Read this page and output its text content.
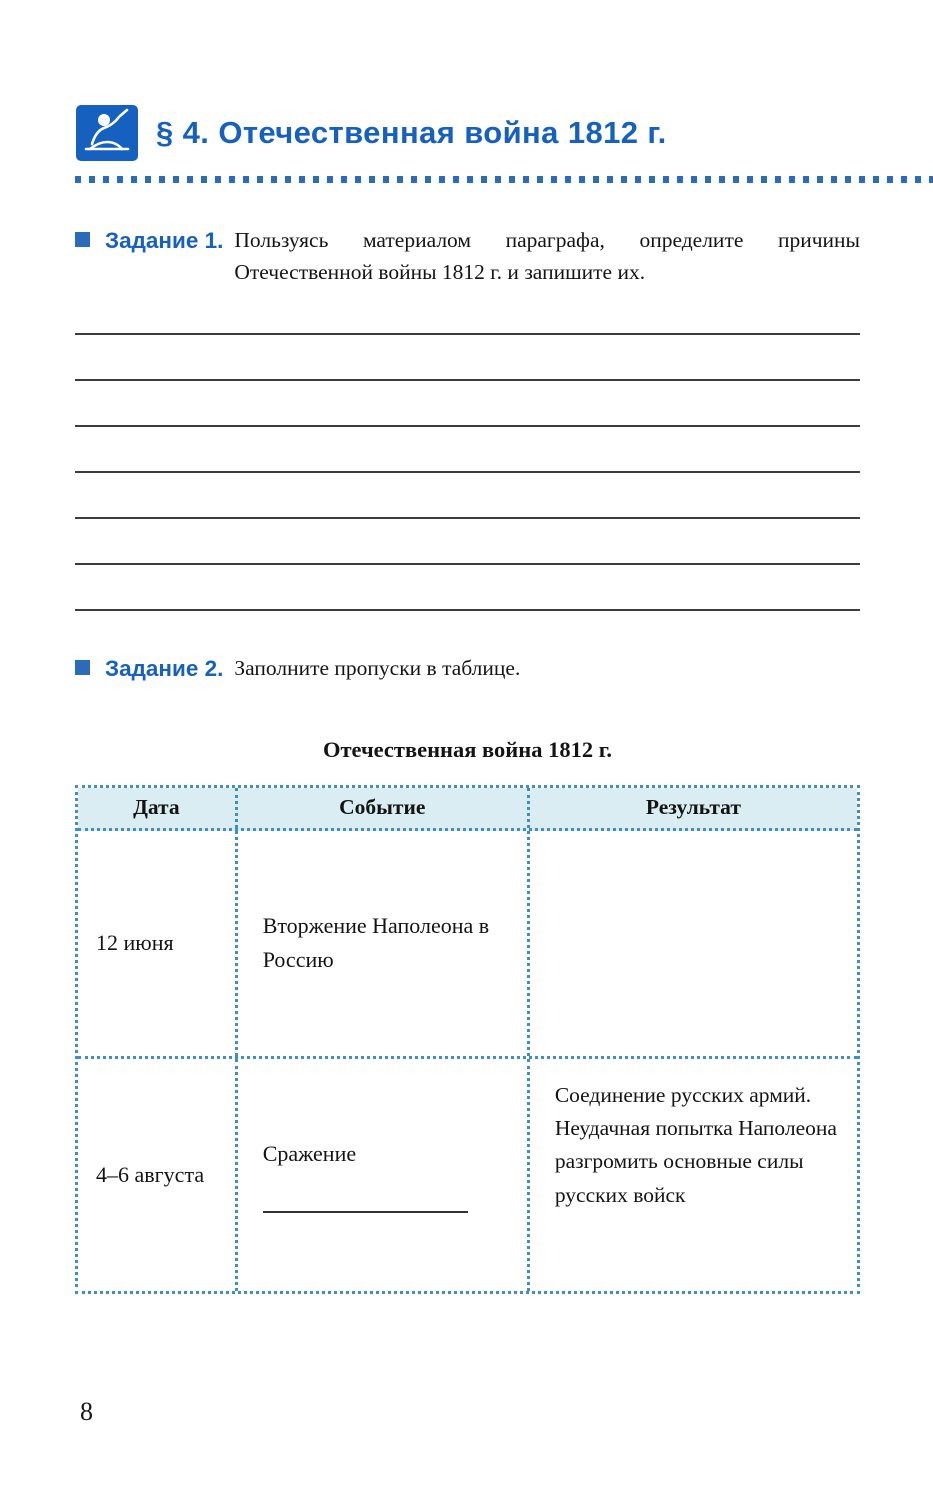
§ 4. Отечественная война 1812 г.
Задание 1. Пользуясь материалом параграфа, определите причины Отечественной войны 1812 г. и запишите их.
Задание 2. Заполните пропуски в таблице.
Отечественная война 1812 г.
Дата	Событие	Результат
12 июня
Вторжение Наполеона в Россию
4–6 августа
Сражение
Соединение русских армий. Неудачная попытка Наполеона разгромить основные силы русских войск
8
